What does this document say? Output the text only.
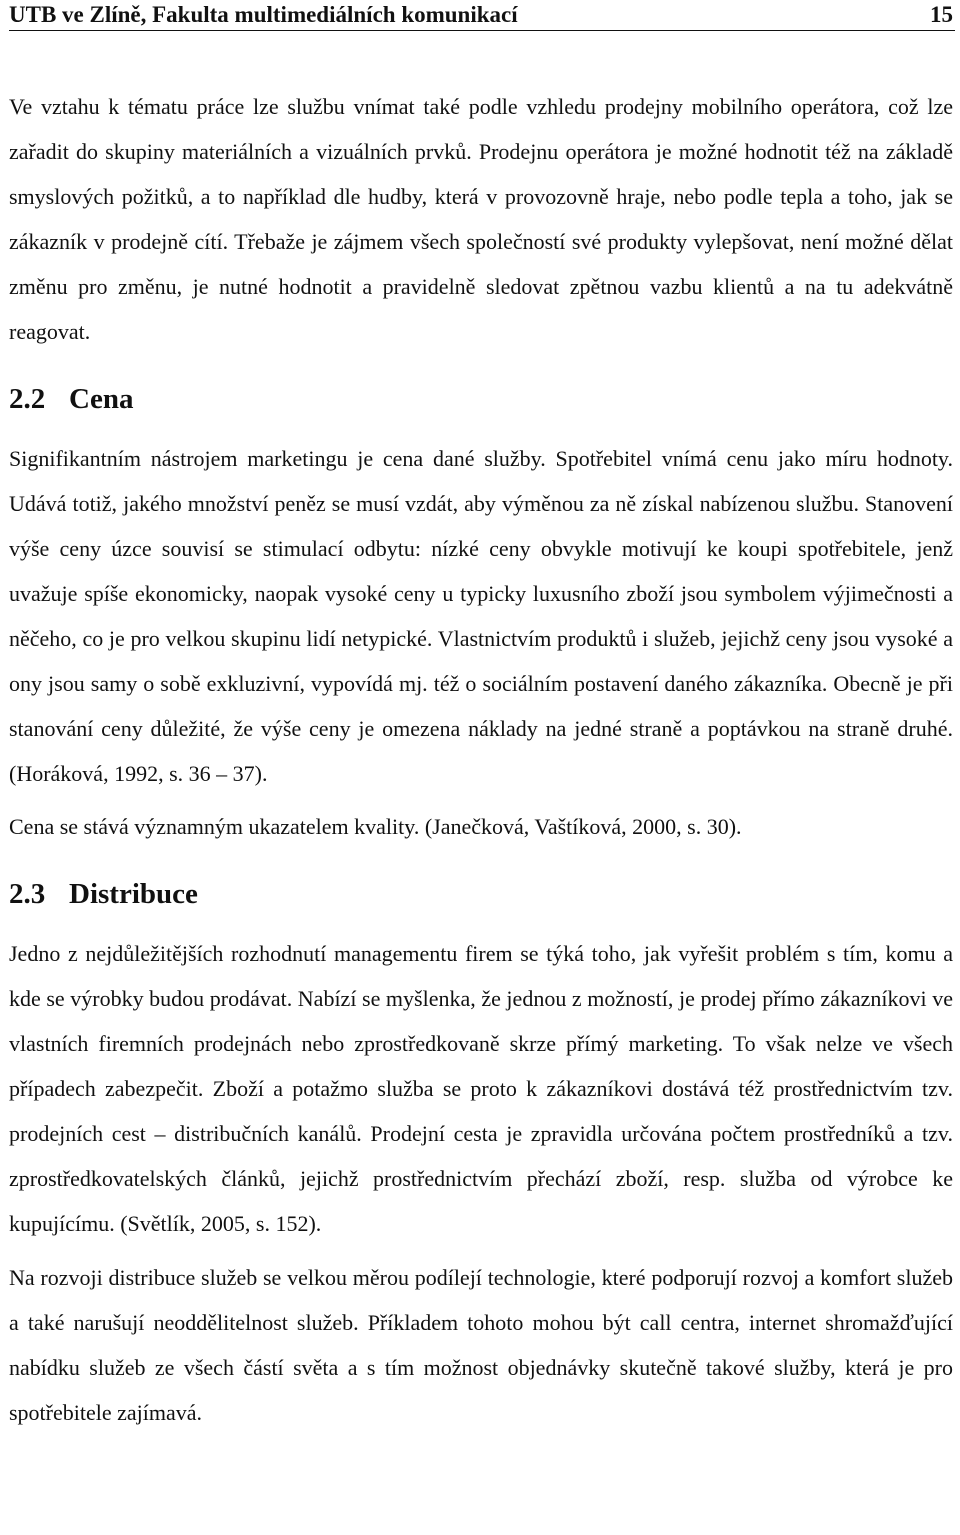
UTB ve Zlíně, Fakulta multimediálních komunikací	15

Ve vztahu k tématu práce lze službu vnímat také podle vzhledu prodejny mobilního operátora, což lze zařadit do skupiny materiálních a vizuálních prvků. Prodejnu operátora je možné hodnotit též na základě smyslových požitků, a to například dle hudby, která v provozovně hraje, nebo podle tepla a toho, jak se zákazník v prodejně cítí. Třebaže je zájmem všech společností své produkty vylepšovat, není možné dělat změnu pro změnu, je nutné hodnotit a pravidelně sledovat zpětnou vazbu klientů a na tu adekvátně reagovat.

2.2 Cena

Signifikantním nástrojem marketingu je cena dané služby. Spotřebitel vnímá cenu jako míru hodnoty. Udává totiž, jakého množství peněz se musí vzdát, aby výměnou za ně získal nabízenou službu. Stanovení výše ceny úzce souvisí se stimulací odbytu: nízké ceny obvykle motivují ke koupi spotřebitele, jenž uvažuje spíše ekonomicky, naopak vysoké ceny u typicky luxusního zboží jsou symbolem výjimečnosti a něčeho, co je pro velkou skupinu lidí netypické. Vlastnictvím produktů i služeb, jejichž ceny jsou vysoké a ony jsou samy o sobě exkluzivní, vypovídá mj. též o sociálním postavení daného zákazníka. Obecně je při stanování ceny důležité, že výše ceny je omezena náklady na jedné straně a poptávkou na straně druhé. (Horáková, 1992, s. 36 – 37).

Cena se stává významným ukazatelem kvality. (Janečková, Vaštíková, 2000, s. 30).

2.3 Distribuce

Jedno z nejdůležitějších rozhodnutí managementu firem se týká toho, jak vyřešit problém s tím, komu a kde se výrobky budou prodávat. Nabízí se myšlenka, že jednou z možností, je prodej přímo zákazníkovi ve vlastních firemních prodejnách nebo zprostředkovaně skrze přímý marketing. To však nelze ve všech případech zabezpečit. Zboží a potažmo služba se proto k zákazníkovi dostává též prostřednictvím tzv. prodejních cest – distribučních kanálů. Prodejní cesta je zpravidla určována počtem prostředníků a tzv. zprostředkovatelských článků, jejichž prostřednictvím přechází zboží, resp. služba od výrobce ke kupujícímu. (Světlík, 2005, s. 152).

Na rozvoji distribuce služeb se velkou měrou podílejí technologie, které podporují rozvoj a komfort služeb a také narušují neoddělitelnost služeb. Příkladem tohoto mohou být call centra, internet shromažďující nabídku služeb ze všech částí světa a s tím možnost objednávky skutečně takové služby, která je pro spotřebitele zajímavá.
